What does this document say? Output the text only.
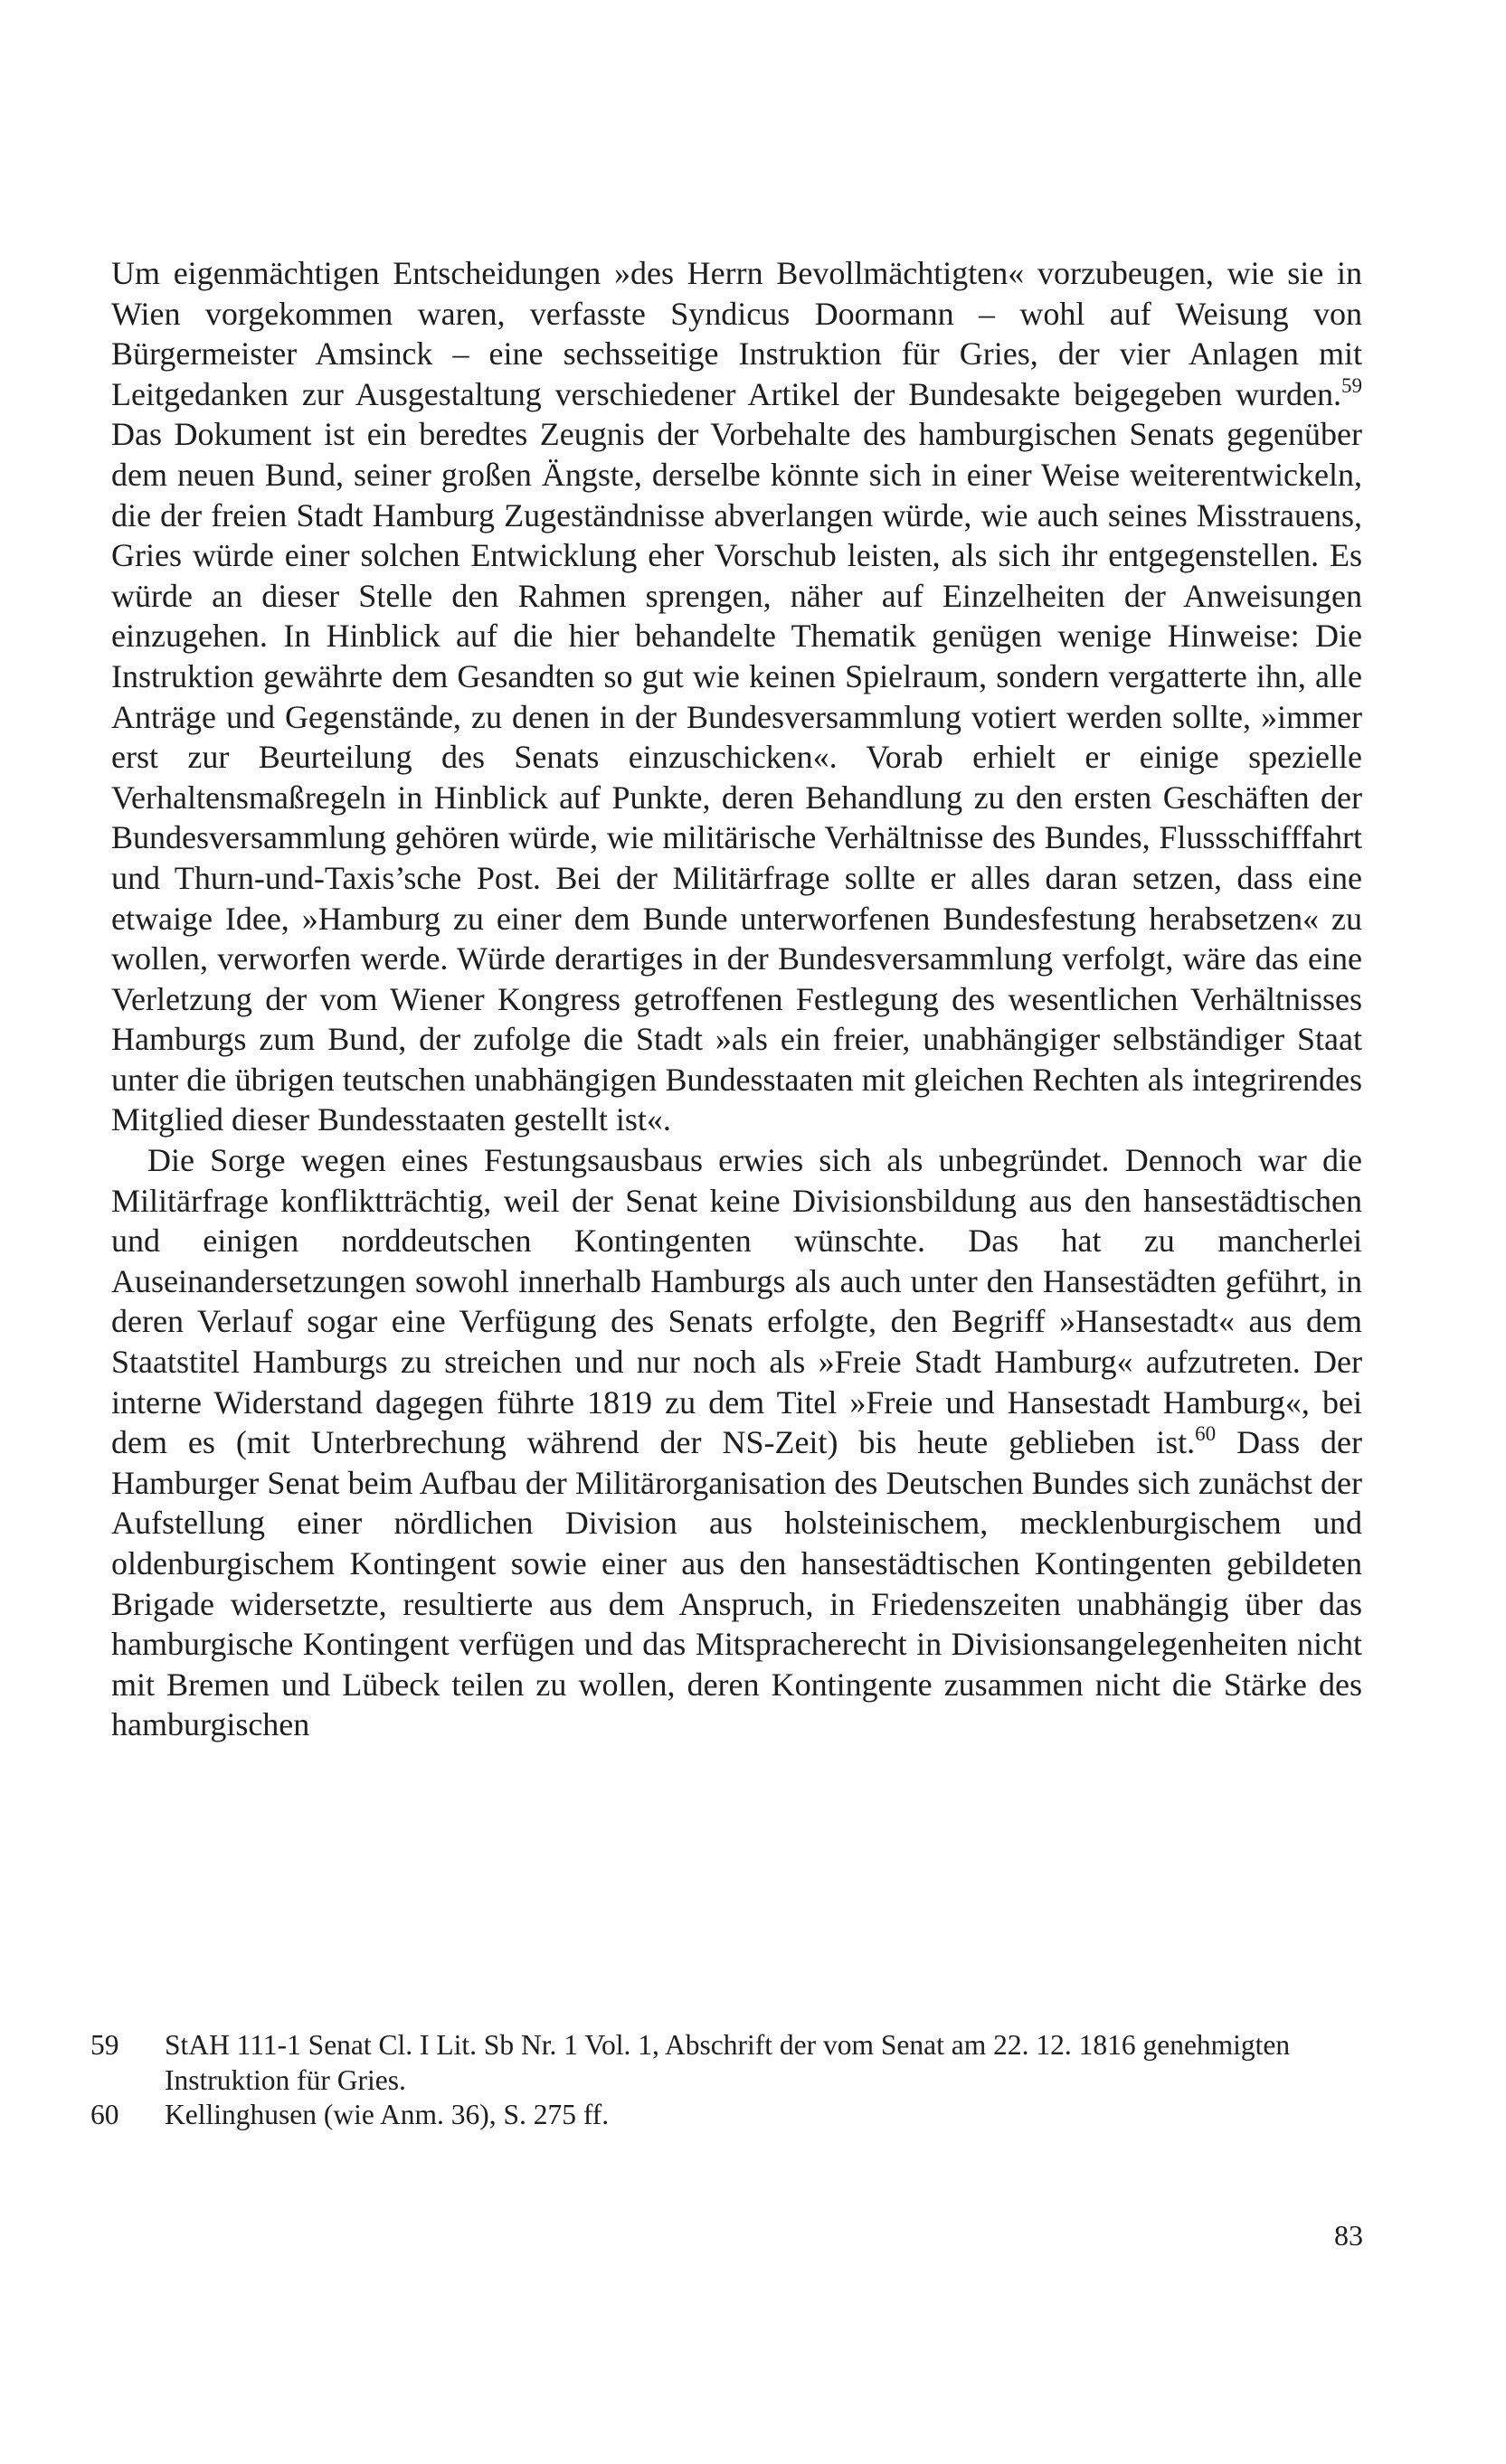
Um eigenmächtigen Entscheidungen »des Herrn Bevollmächtigten« vorzubeugen, wie sie in Wien vorgekommen waren, verfasste Syndicus Doormann – wohl auf Weisung von Bürgermeister Amsinck – eine sechsseitige Instruktion für Gries, der vier Anlagen mit Leitgedanken zur Ausgestaltung verschiedener Artikel der Bundesakte beigegeben wurden.$^{59}$ Das Dokument ist ein beredtes Zeugnis der Vorbehalte des hamburgischen Senats gegenüber dem neuen Bund, seiner großen Ängste, derselbe könnte sich in einer Weise weiterentwickeln, die der freien Stadt Hamburg Zugeständnisse abverlangen würde, wie auch seines Misstrauens, Gries würde einer solchen Entwicklung eher Vorschub leisten, als sich ihr entgegenstellen. Es würde an dieser Stelle den Rahmen sprengen, näher auf Einzelheiten der Anweisungen einzugehen. In Hinblick auf die hier behandelte Thematik genügen wenige Hinweise: Die Instruktion gewährte dem Gesandten so gut wie keinen Spielraum, sondern vergatterte ihn, alle Anträge und Gegenstände, zu denen in der Bundesversammlung votiert werden sollte, »immer erst zur Beurteilung des Senats einzuschicken«. Vorab erhielt er einige spezielle Verhaltensmaßregeln in Hinblick auf Punkte, deren Behandlung zu den ersten Geschäften der Bundesversammlung gehören würde, wie militärische Verhältnisse des Bundes, Flussschifffahrt und Thurn-und-Taxis’sche Post. Bei der Militärfrage sollte er alles daran setzen, dass eine etwaige Idee, »Hamburg zu einer dem Bunde unterworfenen Bundesfestung herabsetzen« zu wollen, verworfen werde. Würde derartiges in der Bundesversammlung verfolgt, wäre das eine Verletzung der vom Wiener Kongress getroffenen Festlegung des wesentlichen Verhältnisses Hamburgs zum Bund, der zufolge die Stadt »als ein freier, unabhängiger selbständiger Staat unter die übrigen teutschen unabhängigen Bundesstaaten mit gleichen Rechten als integrirendes Mitglied dieser Bundesstaaten gestellt ist«.

Die Sorge wegen eines Festungsausbaus erwies sich als unbegründet. Dennoch war die Militärfrage konfliktträchtig, weil der Senat keine Divisionsbildung aus den hansestädtischen und einigen norddeutschen Kontingenten wünschte. Das hat zu mancherlei Auseinandersetzungen sowohl innerhalb Hamburgs als auch unter den Hansestädten geführt, in deren Verlauf sogar eine Verfügung des Senats erfolgte, den Begriff »Hansestadt« aus dem Staatstitel Hamburgs zu streichen und nur noch als »Freie Stadt Hamburg« aufzutreten. Der interne Widerstand dagegen führte 1819 zu dem Titel »Freie und Hansestadt Hamburg«, bei dem es (mit Unterbrechung während der NS-Zeit) bis heute geblieben ist.$^{60}$ Dass der Hamburger Senat beim Aufbau der Militärorganisation des Deutschen Bundes sich zunächst der Aufstellung einer nördlichen Division aus holsteinischem, mecklenburgischem und oldenburgischem Kontingent sowie einer aus den hansestädtischen Kontingenten gebildeten Brigade widersetzte, resultierte aus dem Anspruch, in Friedenszeiten unabhängig über das hamburgische Kontingent verfügen und das Mitspracherecht in Divisionsangelegenheiten nicht mit Bremen und Lübeck teilen zu wollen, deren Kontingente zusammen nicht die Stärke des hamburgischen

59	StAH 111-1 Senat Cl. I Lit. Sb Nr. 1 Vol. 1, Abschrift der vom Senat am 22. 12. 1816 genehmigten Instruktion für Gries.
60	Kellinghusen (wie Anm. 36), S. 275 ff.
83
